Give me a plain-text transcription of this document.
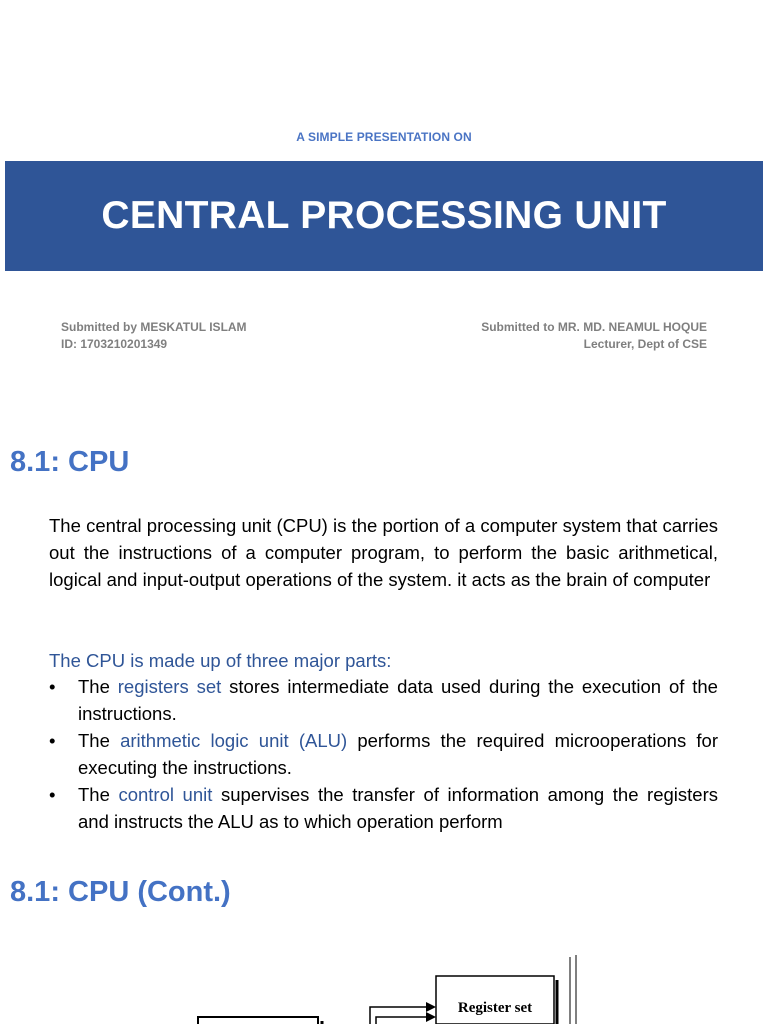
A SIMPLE PRESENTATION ON
CENTRAL PROCESSING UNIT
Submitted by MESKATUL ISLAM
ID: 1703210201349
Submitted to MR. MD. NEAMUL HOQUE
Lecturer, Dept of CSE
8.1: CPU
The central processing unit (CPU) is the portion of a computer system that carries out the instructions of a computer program, to perform the basic arithmetical, logical and input-output operations of the system. it acts as the brain of computer
The CPU is made up of three major parts:
• The registers set stores intermediate data used during the execution of the instructions.
• The arithmetic logic unit (ALU) performs the required microoperations for executing the instructions.
• The control unit supervises the transfer of information among the registers and instructs the ALU as to which operation perform
8.1: CPU (Cont.)
Register set
